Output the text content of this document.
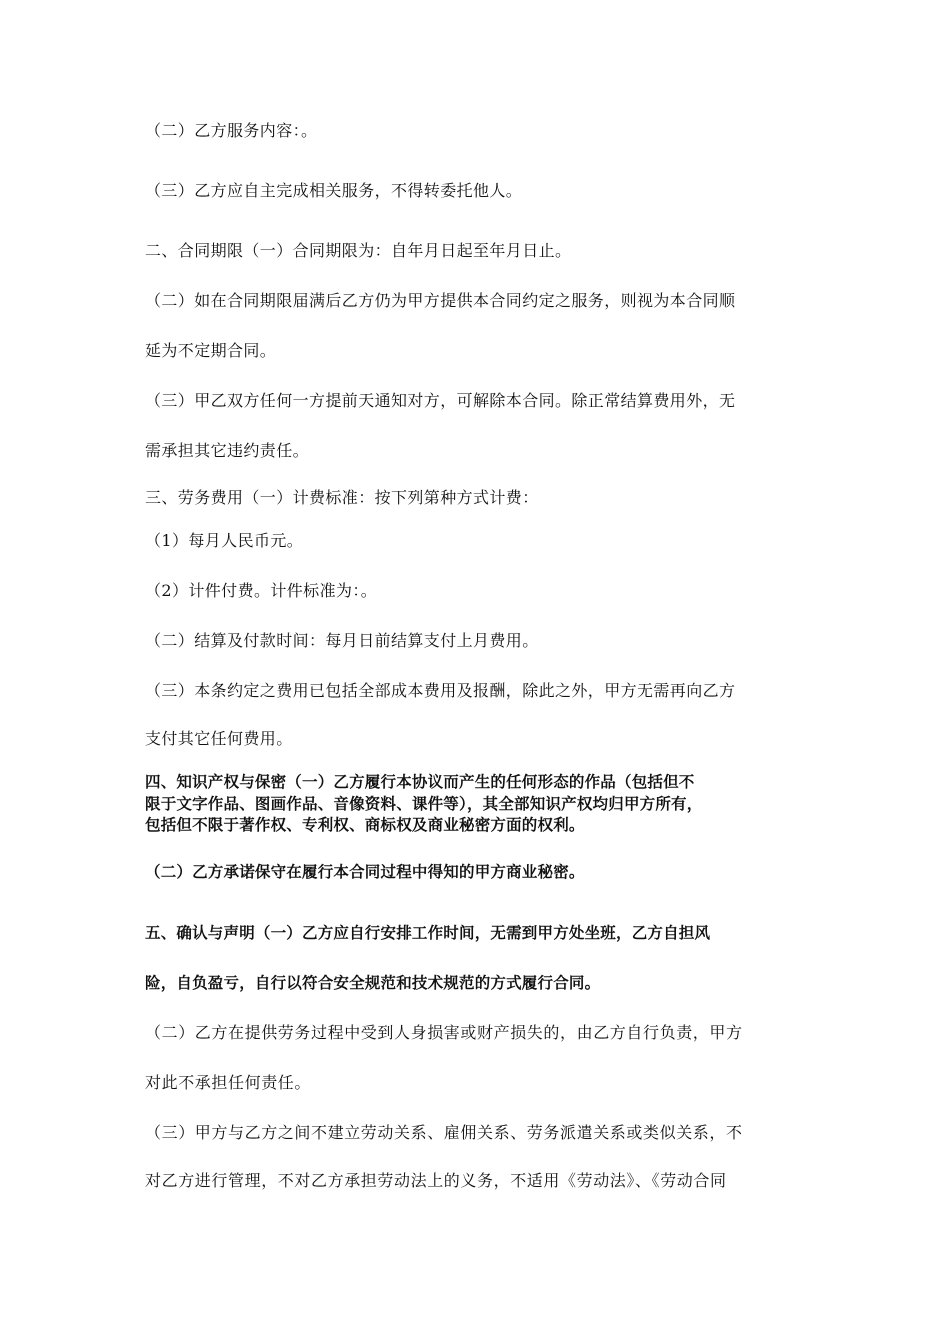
（二）乙方服务内容：。
（三）乙方应自主完成相关服务，不得转委托他人。
二、合同期限（一）合同期限为：自年月日起至年月日止。
（二）如在合同期限届满后乙方仍为甲方提供本合同约定之服务，则视为本合同顺
延为不定期合同。
（三）甲乙双方任何一方提前天通知对方，可解除本合同。除正常结算费用外，无
需承担其它违约责任。
三、劳务费用（一）计费标准：按下列第种方式计费：
（1）每月人民币元。
（2）计件付费。计件标准为：。
（二）结算及付款时间：每月日前结算支付上月费用。
（三）本条约定之费用已包括全部成本费用及报酬，除此之外，甲方无需再向乙方
支付其它任何费用。
四、知识产权与保密（一）乙方履行本协议而产生的任何形态的作品（包括但不
限于文字作品、图画作品、音像资料、课件等），其全部知识产权均归甲方所有，
包括但不限于著作权、专利权、商标权及商业秘密方面的权利。
（二）乙方承诺保守在履行本合同过程中得知的甲方商业秘密。
五、确认与声明（一）乙方应自行安排工作时间，无需到甲方处坐班，乙方自担风
险，自负盈亏，自行以符合安全规范和技术规范的方式履行合同。
（二）乙方在提供劳务过程中受到人身损害或财产损失的，由乙方自行负责，甲方
对此不承担任何责任。
（三）甲方与乙方之间不建立劳动关系、雇佣关系、劳务派遣关系或类似关系，不
对乙方进行管理，不对乙方承担劳动法上的义务，不适用《劳动法》、《劳动合同
